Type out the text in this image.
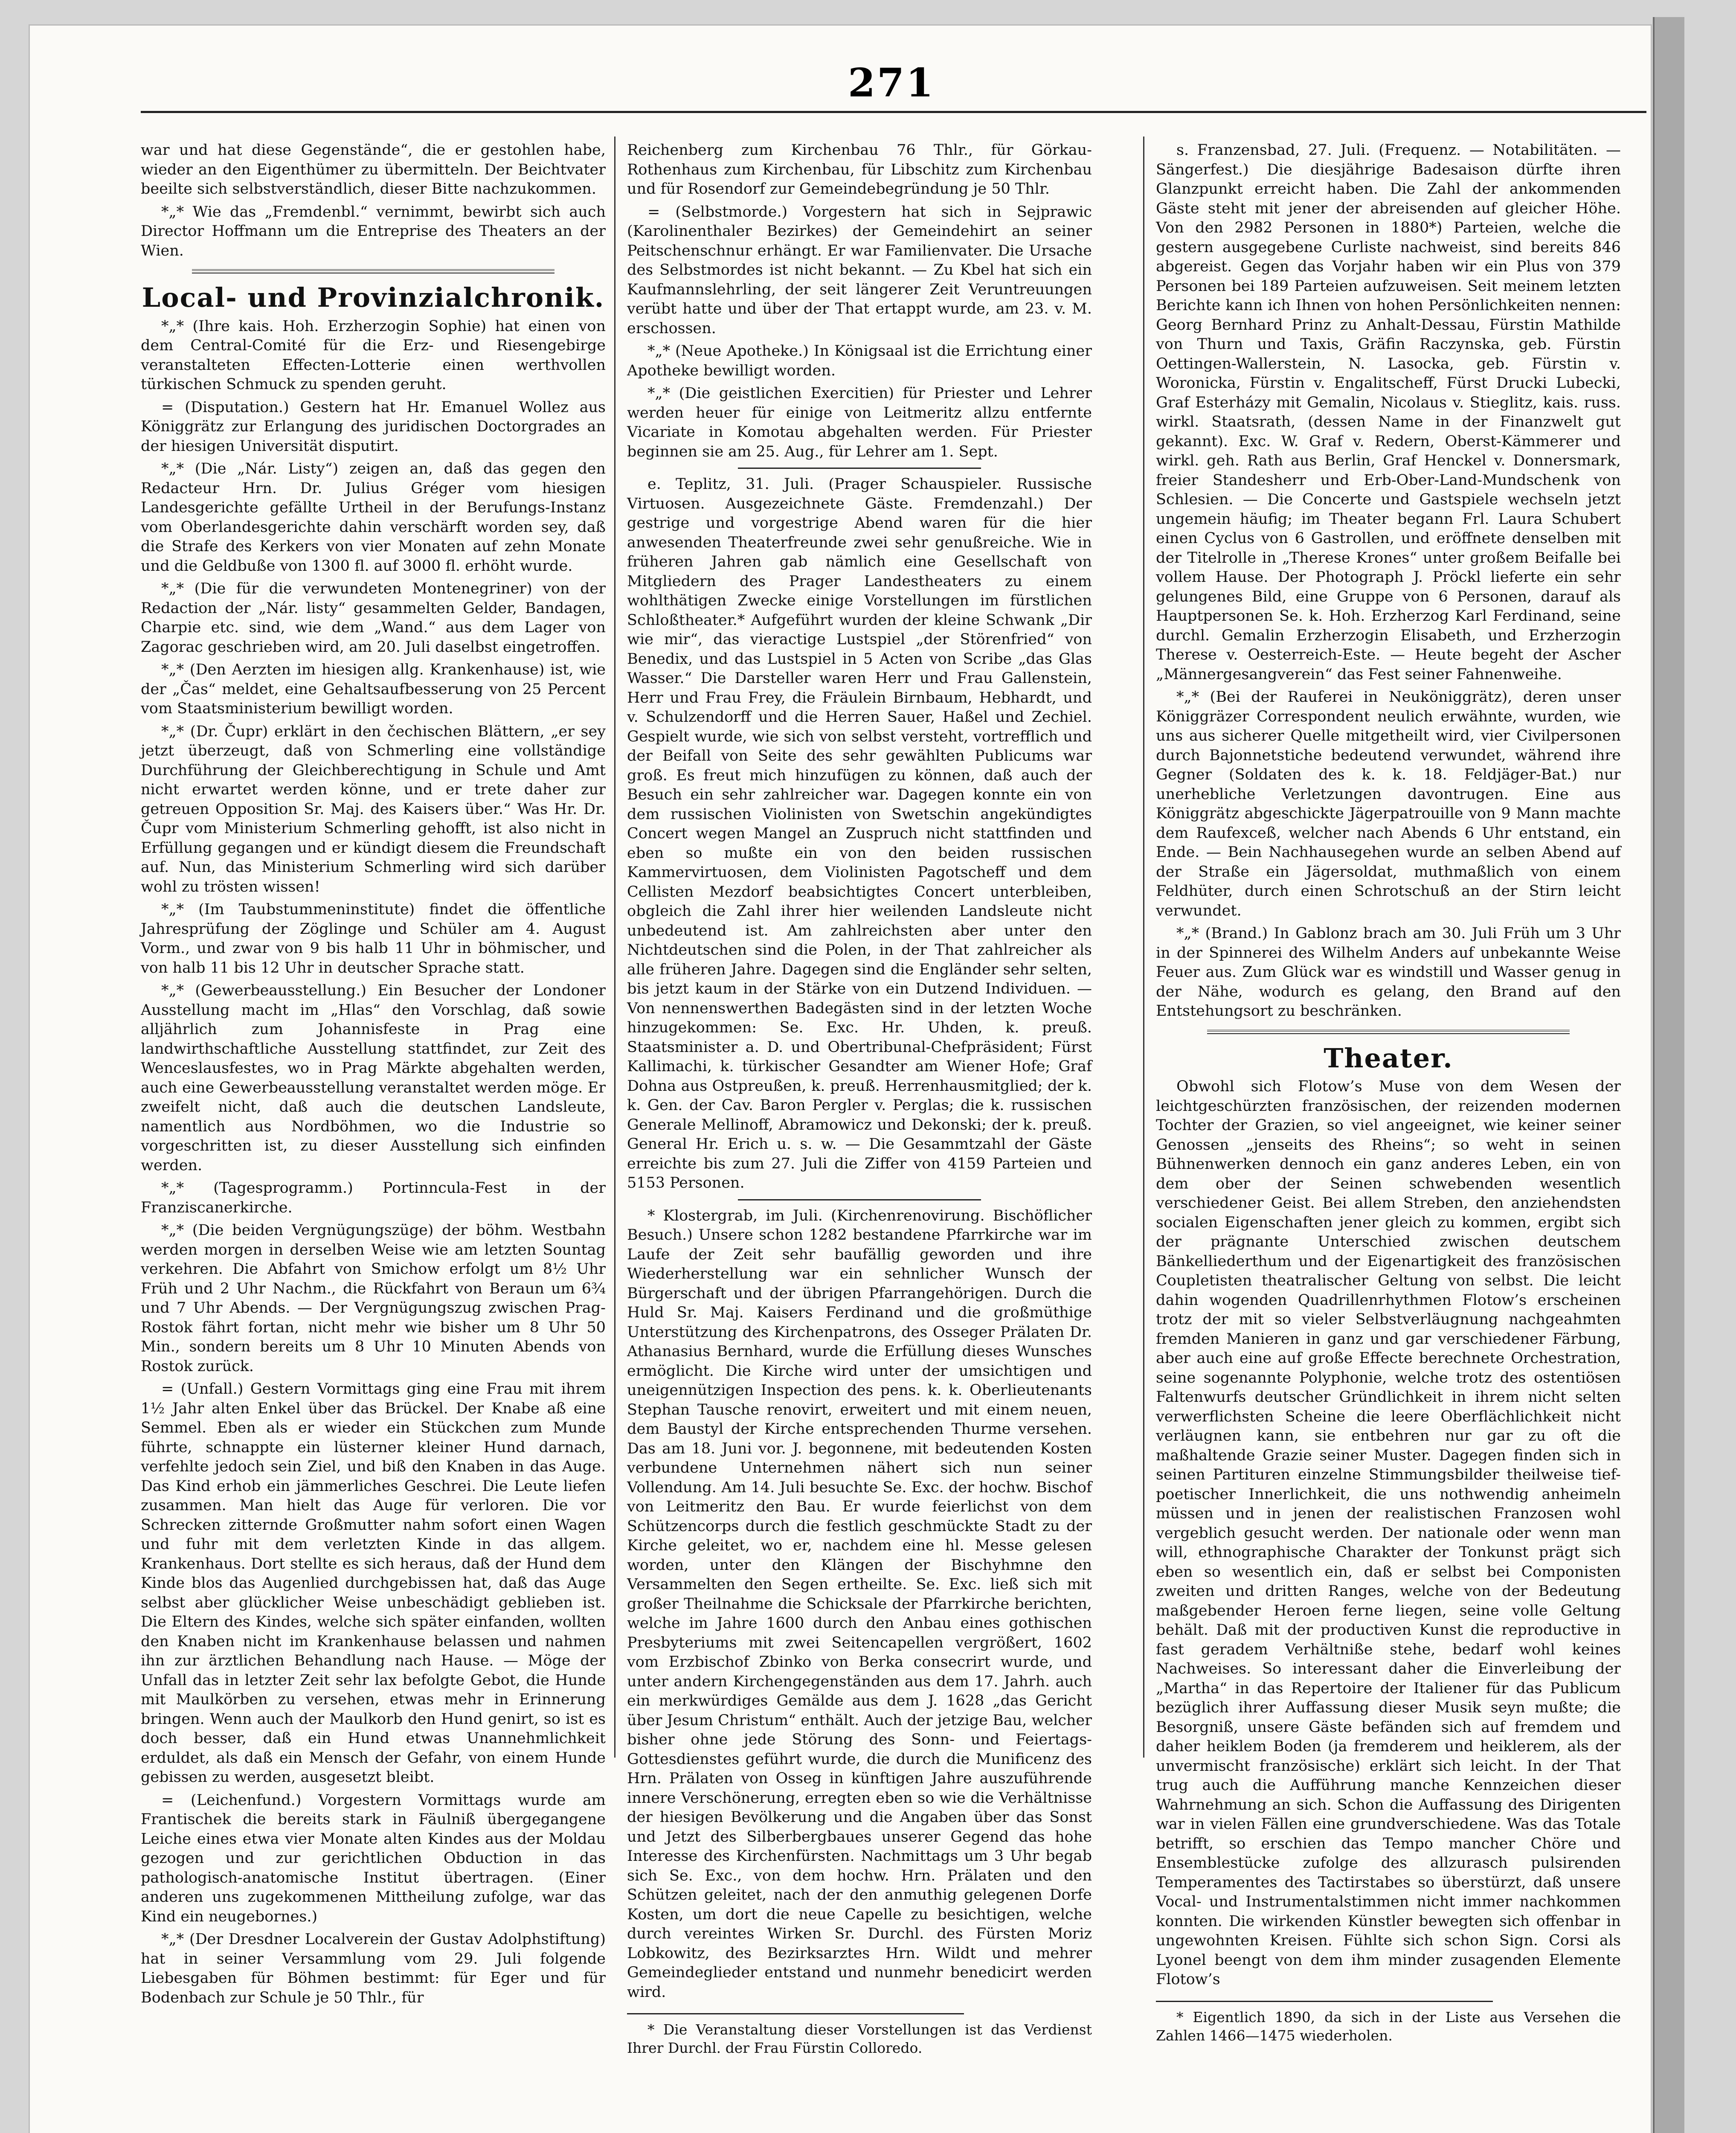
271

war und hat diese Gegenstände“, die er gestohlen habe, wieder an den Eigenthümer zu übermitteln. Der Beichtvater beeilte sich selbstverständlich, dieser Bitte nachzukommen.

*„* Wie das „Fremdenbl.“ vernimmt, bewirbt sich auch Director Hoffmann um die Entreprise des Theaters an der Wien.

Local- und Provinzialchronik.

*„* (Ihre kais. Hoh. Erzherzogin Sophie) hat einen von dem Central-Comité für die Erz- und Riesengebirge veranstalteten Effecten-Lotterie einen werthvollen türkischen Schmuck zu spenden geruht.

= (Disputation.) Gestern hat Hr. Emanuel Wollez aus Königgrätz zur Erlangung des juridischen Doctorgrades an der hiesigen Universität disputirt.

*„* (Die „Nár. Listy“) zeigen an, daß das gegen den Redacteur Hrn. Dr. Julius Gréger vom hiesigen Landesgerichte gefällte Urtheil in der Berufungs-Instanz vom Oberlandesgerichte dahin verschärft worden sey, daß die Strafe des Kerkers von vier Monaten auf zehn Monate und die Geldbuße von 1300 fl. auf 3000 fl. erhöht wurde.

*„* (Die für die verwundeten Montenegriner) von der Redaction der „Nár. listy“ gesammelten Gelder, Bandagen, Charpie etc. sind, wie dem „Wand.“ aus dem Lager von Zagorac geschrieben wird, am 20. Juli daselbst eingetroffen.

*„* (Den Aerzten im hiesigen allg. Krankenhause) ist, wie der „Čas“ meldet, eine Gehaltsaufbesserung von 25 Percent vom Staatsministerium bewilligt worden.

*„* (Dr. Čupr) erklärt in den čechischen Blättern, „er sey jetzt überzeugt, daß von Schmerling eine vollständige Durchführung der Gleichberechtigung in Schule und Amt nicht erwartet werden könne, und er trete daher zur getreuen Opposition Sr. Maj. des Kaisers über.“ Was Hr. Dr. Čupr vom Ministerium Schmerling gehofft, ist also nicht in Erfüllung gegangen und er kündigt diesem die Freundschaft auf. Nun, das Ministerium Schmerling wird sich darüber wohl zu trösten wissen!

*„* (Im Taubstummeninstitute) findet die öffentliche Jahresprüfung der Zöglinge und Schüler am 4. August Vorm., und zwar von 9 bis halb 11 Uhr in böhmischer, und von halb 11 bis 12 Uhr in deutscher Sprache statt.

*„* (Gewerbeausstellung.) Ein Besucher der Londoner Ausstellung macht im „Hlas“ den Vorschlag, daß sowie alljährlich zum Johannisfeste in Prag eine landwirthschaftliche Ausstellung stattfindet, zur Zeit des Wenceslausfestes, wo in Prag Märkte abgehalten werden, auch eine Gewerbeausstellung veranstaltet werden möge. Er zweifelt nicht, daß auch die deutschen Landsleute, namentlich aus Nordböhmen, wo die Industrie so vorgeschritten ist, zu dieser Ausstellung sich einfinden werden.

*„* (Tagesprogramm.) Portinncula-Fest in der Franziscanerkirche.

*„* (Die beiden Vergnügungszüge) der böhm. Westbahn werden morgen in derselben Weise wie am letzten Sountag verkehren. Die Abfahrt von Smichow erfolgt um 8½ Uhr Früh und 2 Uhr Nachm., die Rückfahrt von Beraun um 6¾ und 7 Uhr Abends. — Der Vergnügungszug zwischen Prag-Rostok fährt fortan, nicht mehr wie bisher um 8 Uhr 50 Min., sondern bereits um 8 Uhr 10 Minuten Abends von Rostok zurück.

= (Unfall.) Gestern Vormittags ging eine Frau mit ihrem 1½ Jahr alten Enkel über das Brückel. Der Knabe aß eine Semmel. Eben als er wieder ein Stückchen zum Munde führte, schnappte ein lüsterner kleiner Hund darnach, verfehlte jedoch sein Ziel, und biß den Knaben in das Auge. Das Kind erhob ein jämmerliches Geschrei. Die Leute liefen zusammen. Man hielt das Auge für verloren. Die vor Schrecken zitternde Großmutter nahm sofort einen Wagen und fuhr mit dem verletzten Kinde in das allgem. Krankenhaus. Dort stellte es sich heraus, daß der Hund dem Kinde blos das Augenlied durchgebissen hat, daß das Auge selbst aber glücklicher Weise unbeschädigt geblieben ist. Die Eltern des Kindes, welche sich später einfanden, wollten den Knaben nicht im Krankenhause belassen und nahmen ihn zur ärztlichen Behandlung nach Hause. — Möge der Unfall das in letzter Zeit sehr lax befolgte Gebot, die Hunde mit Maulkörben zu versehen, etwas mehr in Erinnerung bringen. Wenn auch der Maulkorb den Hund genirt, so ist es doch besser, daß ein Hund etwas Unannehmlichkeit erduldet, als daß ein Mensch der Gefahr, von einem Hunde gebissen zu werden, ausgesetzt bleibt.

= (Leichenfund.) Vorgestern Vormittags wurde am Frantischek die bereits stark in Fäulniß übergegangene Leiche eines etwa vier Monate alten Kindes aus der Moldau gezogen und zur gerichtlichen Obduction in das pathologisch-anatomische Institut übertragen. (Einer anderen uns zugekommenen Mittheilung zufolge, war das Kind ein neugebornes.)

*„* (Der Dresdner Localverein der Gustav Adolphstiftung) hat in seiner Versammlung vom 29. Juli folgende Liebesgaben für Böhmen bestimmt: für Eger und für Bodenbach zur Schule je 50 Thlr., für

Reichenberg zum Kirchenbau 76 Thlr., für Görkau-Rothenhaus zum Kirchenbau, für Libschitz zum Kirchenbau und für Rosendorf zur Gemeindebegründung je 50 Thlr.

= (Selbstmorde.) Vorgestern hat sich in Sejprawic (Karolinenthaler Bezirkes) der Gemeindehirt an seiner Peitschenschnur erhängt. Er war Familienvater. Die Ursache des Selbstmordes ist nicht bekannt. — Zu Kbel hat sich ein Kaufmannslehrling, der seit längerer Zeit Veruntreuungen verübt hatte und über der That ertappt wurde, am 23. v. M. erschossen.

*„* (Neue Apotheke.) In Königsaal ist die Errichtung einer Apotheke bewilligt worden.

*„* (Die geistlichen Exercitien) für Priester und Lehrer werden heuer für einige von Leitmeritz allzu entfernte Vicariate in Komotau abgehalten werden. Für Priester beginnen sie am 25. Aug., für Lehrer am 1. Sept.

e. Teplitz, 31. Juli. (Prager Schauspieler. Russische Virtuosen. Ausgezeichnete Gäste. Fremdenzahl.) Der gestrige und vorgestrige Abend waren für die hier anwesenden Theaterfreunde zwei sehr genußreiche. Wie in früheren Jahren gab nämlich eine Gesellschaft von Mitgliedern des Prager Landestheaters zu einem wohlthätigen Zwecke einige Vorstellungen im fürstlichen Schloßtheater.* Aufgeführt wurden der kleine Schwank „Dir wie mir“, das vieractige Lustspiel „der Störenfried“ von Benedix, und das Lustspiel in 5 Acten von Scribe „das Glas Wasser.“ Die Darsteller waren Herr und Frau Gallenstein, Herr und Frau Frey, die Fräulein Birnbaum, Hebhardt, und v. Schulzendorff und die Herren Sauer, Haßel und Zechiel. Gespielt wurde, wie sich von selbst versteht, vortrefflich und der Beifall von Seite des sehr gewählten Publicums war groß. Es freut mich hinzufügen zu können, daß auch der Besuch ein sehr zahlreicher war. Dagegen konnte ein von dem russischen Violinisten von Swetschin angekündigtes Concert wegen Mangel an Zuspruch nicht stattfinden und eben so mußte ein von den beiden russischen Kammervirtuosen, dem Violinisten Pagotscheff und dem Cellisten Mezdorf beabsichtigtes Concert unterbleiben, obgleich die Zahl ihrer hier weilenden Landsleute nicht unbedeutend ist. Am zahlreichsten aber unter den Nichtdeutschen sind die Polen, in der That zahlreicher als alle früheren Jahre. Dagegen sind die Engländer sehr selten, bis jetzt kaum in der Stärke von ein Dutzend Individuen. — Von nennenswerthen Badegästen sind in der letzten Woche hinzugekommen: Se. Exc. Hr. Uhden, k. preuß. Staatsminister a. D. und Obertribunal-Chefpräsident; Fürst Kallimachi, k. türkischer Gesandter am Wiener Hofe; Graf Dohna aus Ostpreußen, k. preuß. Herrenhausmitglied; der k. k. Gen. der Cav. Baron Pergler v. Perglas; die k. russischen Generale Mellinoff, Abramowicz und Dekonski; der k. preuß. General Hr. Erich u. s. w. — Die Gesammtzahl der Gäste erreichte bis zum 27. Juli die Ziffer von 4159 Parteien und 5153 Personen.

* Klostergrab, im Juli. (Kirchenrenovirung. Bischöflicher Besuch.) Unsere schon 1282 bestandene Pfarrkirche war im Laufe der Zeit sehr baufällig geworden und ihre Wiederherstellung war ein sehnlicher Wunsch der Bürgerschaft und der übrigen Pfarrangehörigen. Durch die Huld Sr. Maj. Kaisers Ferdinand und die großmüthige Unterstützung des Kirchenpatrons, des Osseger Prälaten Dr. Athanasius Bernhard, wurde die Erfüllung dieses Wunsches ermöglicht. Die Kirche wird unter der umsichtigen und uneigennützigen Inspection des pens. k. k. Oberlieutenants Stephan Tausche renovirt, erweitert und mit einem neuen, dem Baustyl der Kirche entsprechenden Thurme versehen. Das am 18. Juni vor. J. begonnene, mit bedeutenden Kosten verbundene Unternehmen nähert sich nun seiner Vollendung. Am 14. Juli besuchte Se. Exc. der hochw. Bischof von Leitmeritz den Bau. Er wurde feierlichst von dem Schützencorps durch die festlich geschmückte Stadt zu der Kirche geleitet, wo er, nachdem eine hl. Messe gelesen worden, unter den Klängen der Bischyhmne den Versammelten den Segen ertheilte. Se. Exc. ließ sich mit großer Theilnahme die Schicksale der Pfarrkirche berichten, welche im Jahre 1600 durch den Anbau eines gothischen Presbyteriums mit zwei Seitencapellen vergrößert, 1602 vom Erzbischof Zbinko von Berka consecrirt wurde, und unter andern Kirchengegenständen aus dem 17. Jahrh. auch ein merkwürdiges Gemälde aus dem J. 1628 „das Gericht über Jesum Christum“ enthält. Auch der jetzige Bau, welcher bisher ohne jede Störung des Sonn- und Feiertags-Gottesdienstes geführt wurde, die durch die Munificenz des Hrn. Prälaten von Osseg in künftigen Jahre auszuführende innere Verschönerung, erregten eben so wie die Verhältnisse der hiesigen Bevölkerung und die Angaben über das Sonst und Jetzt des Silberbergbaues unserer Gegend das hohe Interesse des Kirchenfürsten. Nachmittags um 3 Uhr begab sich Se. Exc., von dem hochw. Hrn. Prälaten und den Schützen geleitet, nach der den anmuthig gelegenen Dorfe Kosten, um dort die neue Capelle zu besichtigen, welche durch vereintes Wirken Sr. Durchl. des Fürsten Moriz Lobkowitz, des Bezirksarztes Hrn. Wildt und mehrer Gemeindeglieder entstand und nunmehr benedicirt werden wird.

* Die Veranstaltung dieser Vorstellungen ist das Verdienst Ihrer Durchl. der Frau Fürstin Colloredo.

s. Franzensbad, 27. Juli. (Frequenz. — Notabilitäten. — Sängerfest.) Die diesjährige Badesaison dürfte ihren Glanzpunkt erreicht haben. Die Zahl der ankommenden Gäste steht mit jener der abreisenden auf gleicher Höhe. Von den 2982 Personen in 1880*) Parteien, welche die gestern ausgegebene Curliste nachweist, sind bereits 846 abgereist. Gegen das Vorjahr haben wir ein Plus von 379 Personen bei 189 Parteien aufzuweisen. Seit meinem letzten Berichte kann ich Ihnen von hohen Persönlichkeiten nennen: Georg Bernhard Prinz zu Anhalt-Dessau, Fürstin Mathilde von Thurn und Taxis, Gräfin Raczynska, geb. Fürstin Oettingen-Wallerstein, N. Lasocka, geb. Fürstin v. Woronicka, Fürstin v. Engalitscheff, Fürst Drucki Lubecki, Graf Esterházy mit Gemalin, Nicolaus v. Stieglitz, kais. russ. wirkl. Staatsrath, (dessen Name in der Finanzwelt gut gekannt). Exc. W. Graf v. Redern, Oberst-Kämmerer und wirkl. geh. Rath aus Berlin, Graf Henckel v. Donnersmark, freier Standesherr und Erb-Ober-Land-Mundschenk von Schlesien. — Die Concerte und Gastspiele wechseln jetzt ungemein häufig; im Theater begann Frl. Laura Schubert einen Cyclus von 6 Gastrollen, und eröffnete denselben mit der Titelrolle in „Therese Krones“ unter großem Beifalle bei vollem Hause. Der Photograph J. Pröckl lieferte ein sehr gelungenes Bild, eine Gruppe von 6 Personen, darauf als Hauptpersonen Se. k. Hoh. Erzherzog Karl Ferdinand, seine durchl. Gemalin Erzherzogin Elisabeth, und Erzherzogin Therese v. Oesterreich-Este. — Heute begeht der Ascher „Männergesangverein“ das Fest seiner Fahnenweihe.

*„* (Bei der Rauferei in Neuköniggrätz), deren unser Königgräzer Correspondent neulich erwähnte, wurden, wie uns aus sicherer Quelle mitgetheilt wird, vier Civilpersonen durch Bajonnetstiche bedeutend verwundet, während ihre Gegner (Soldaten des k. k. 18. Feldjäger-Bat.) nur unerhebliche Verletzungen davontrugen. Eine aus Königgrätz abgeschickte Jägerpatrouille von 9 Mann machte dem Raufexceß, welcher nach Abends 6 Uhr entstand, ein Ende. — Bein Nachhausegehen wurde an selben Abend auf der Straße ein Jägersoldat, muthmaßlich von einem Feldhüter, durch einen Schrotschuß an der Stirn leicht verwundet.

*„* (Brand.) In Gablonz brach am 30. Juli Früh um 3 Uhr in der Spinnerei des Wilhelm Anders auf unbekannte Weise Feuer aus. Zum Glück war es windstill und Wasser genug in der Nähe, wodurch es gelang, den Brand auf den Entstehungsort zu beschränken.

Theater.

Obwohl sich Flotow’s Muse von dem Wesen der leichtgeschürzten französischen, der reizenden modernen Tochter der Grazien, so viel angeeignet, wie keiner seiner Genossen „jenseits des Rheins“; so weht in seinen Bühnenwerken dennoch ein ganz anderes Leben, ein von dem ober der Seinen schwebenden wesentlich verschiedener Geist. Bei allem Streben, den anziehendsten socialen Eigenschaften jener gleich zu kommen, ergibt sich der prägnante Unterschied zwischen deutschem Bänkelliederthum und der Eigenartigkeit des französischen Coupletisten theatralischer Geltung von selbst. Die leicht dahin wogenden Quadrillenrhythmen Flotow’s erscheinen trotz der mit so vieler Selbstverläugnung nachgeahmten fremden Manieren in ganz und gar verschiedener Färbung, aber auch eine auf große Effecte berechnete Orchestration, seine sogenannte Polyphonie, welche trotz des ostentiösen Faltenwurfs deutscher Gründlichkeit in ihrem nicht selten verwerflichsten Scheine die leere Oberflächlichkeit nicht verläugnen kann, sie entbehren nur gar zu oft die maßhaltende Grazie seiner Muster. Dagegen finden sich in seinen Partituren einzelne Stimmungsbilder theilweise tief-poetischer Innerlichkeit, die uns nothwendig anheimeln müssen und in jenen der realistischen Franzosen wohl vergeblich gesucht werden. Der nationale oder wenn man will, ethnographische Charakter der Tonkunst prägt sich eben so wesentlich ein, daß er selbst bei Componisten zweiten und dritten Ranges, welche von der Bedeutung maßgebender Heroen ferne liegen, seine volle Geltung behält. Daß mit der productiven Kunst die reproductive in fast geradem Verhältniße stehe, bedarf wohl keines Nachweises. So interessant daher die Einverleibung der „Martha“ in das Repertoire der Italiener für das Publicum bezüglich ihrer Auffassung dieser Musik seyn mußte; die Besorgniß, unsere Gäste befänden sich auf fremdem und daher heiklem Boden (ja fremderem und heiklerem, als der unvermischt französische) erklärt sich leicht. In der That trug auch die Aufführung manche Kennzeichen dieser Wahrnehmung an sich. Schon die Auffassung des Dirigenten war in vielen Fällen eine grundverschiedene. Was das Totale betrifft, so erschien das Tempo mancher Chöre und Ensemblestücke zufolge des allzurasch pulsirenden Temperamentes des Tactirstabes so überstürzt, daß unsere Vocal- und Instrumentalstimmen nicht immer nachkommen konnten. Die wirkenden Künstler bewegten sich offenbar in ungewohnten Kreisen. Fühlte sich schon Sign. Corsi als Lyonel beengt von dem ihm minder zusagenden Elemente Flotow’s

* Eigentlich 1890, da sich in der Liste aus Versehen die Zahlen 1466—1475 wiederholen.
